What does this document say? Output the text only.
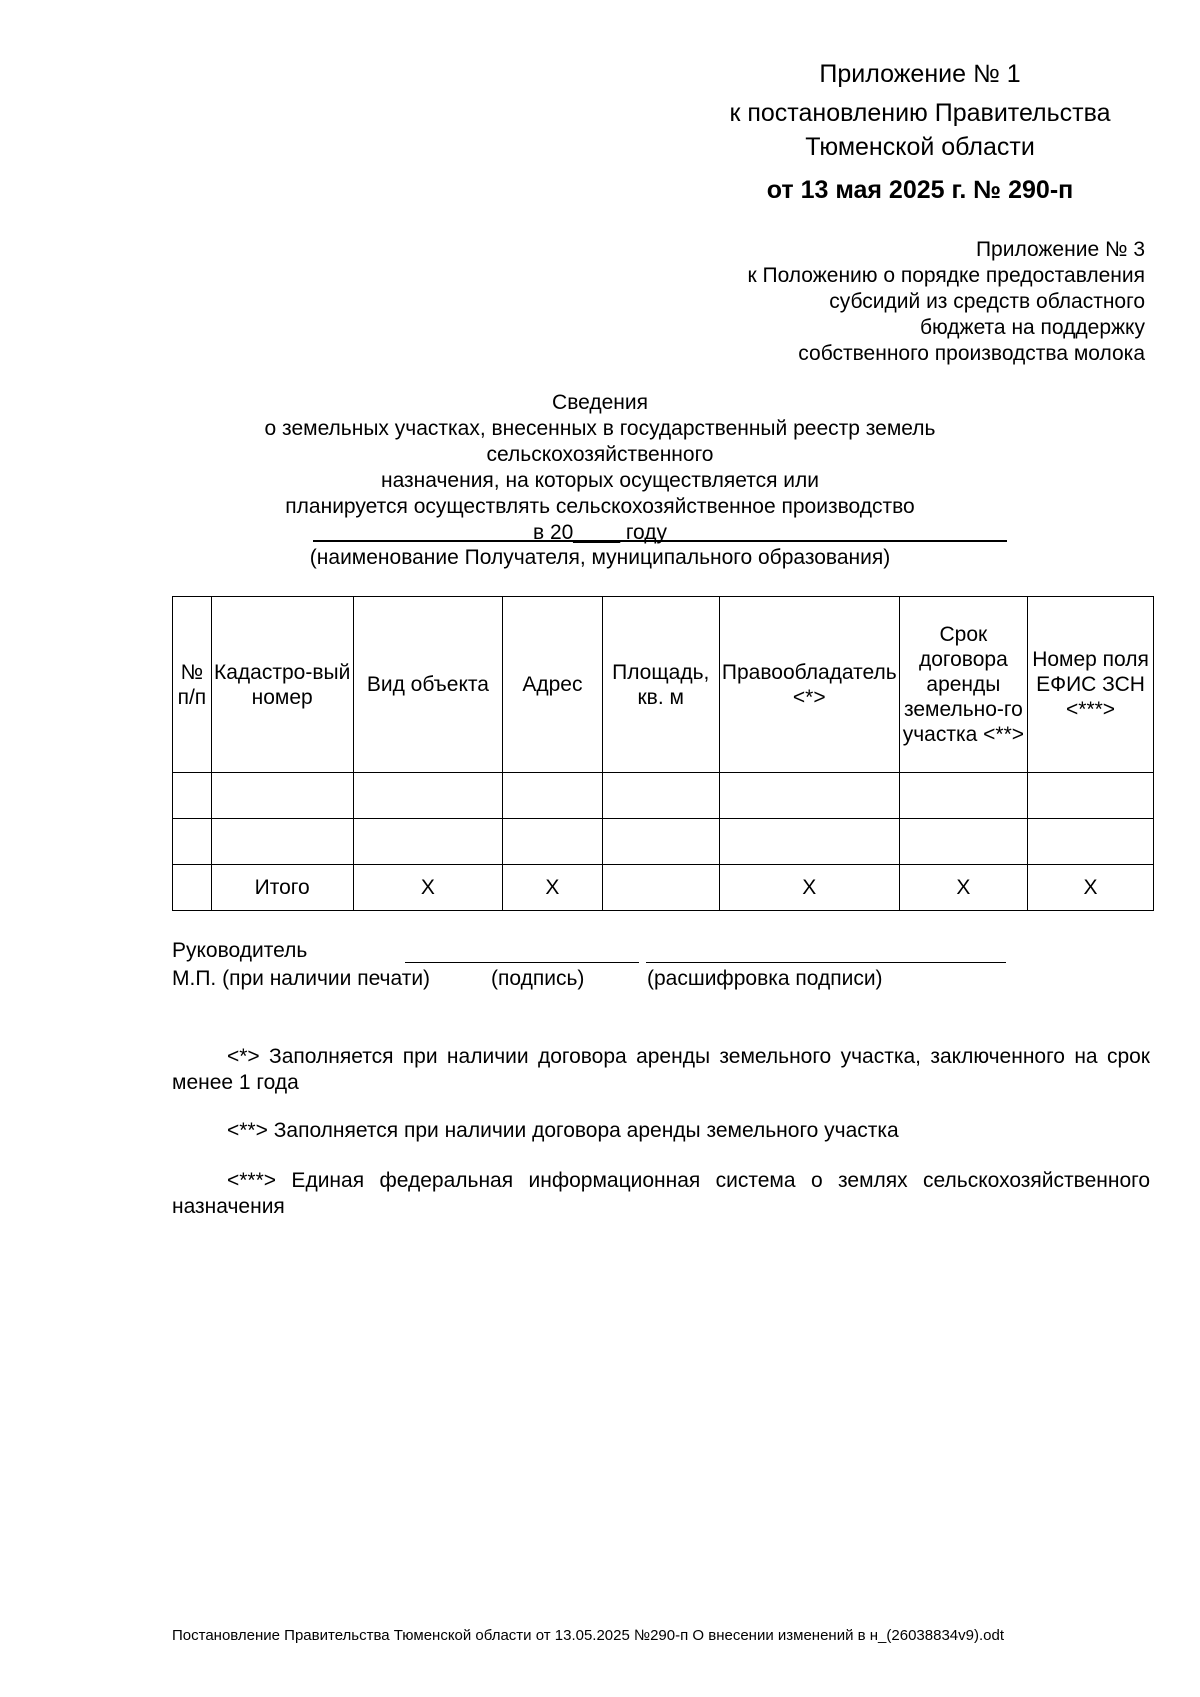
Приложение № 1
к постановлению Правительства
Тюменской области
от 13 мая 2025 г. № 290-п
Приложение № 3
к Положению о порядке предоставления
субсидий из средств областного
бюджета на поддержку
собственного производства молока
Сведения
о земельных участках, внесенных в государственный реестр земель сельскохозяйственного
назначения, на которых осуществляется или
планируется осуществлять сельскохозяйственное производство
в 20____ году
(наименование Получателя, муниципального образования)
№ п/п	Кадастро-вый номер	Вид объекта	Адрес	Площадь, кв. м	Правообладатель <*>	Срок договора аренды земельно-го участка <**>	Номер поля ЕФИС ЗСН <***>

	Итого	X	X		X	X	X
Руководитель
М.П. (при наличии печати)	(подпись)	(расшифровка подписи)
<*> Заполняется при наличии договора аренды земельного участка, заключенного на срок менее 1 года
<**> Заполняется при наличии договора аренды земельного участка
<***> Единая федеральная информационная система о землях сельскохозяйственного назначения
Постановление Правительства Тюменской области от 13.05.2025 №290-п О внесении изменений в н_(26038834v9).odt
